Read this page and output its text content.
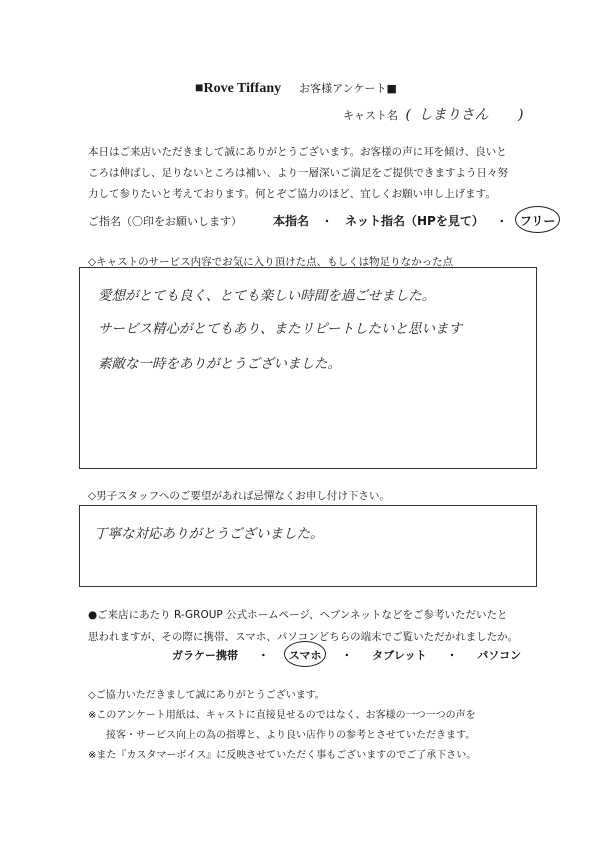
■Rove Tiffany お客様アンケート■
キャスト名 ( しまりさん )
本日はご来店いただきまして誠にありがとうございます。お客様の声に耳を傾け、良いと
ころは伸ばし、足りないところは補い、より一層深いご満足をご提供できますよう日々努
力して参りたいと考えております。何とぞご協力のほど、宜しくお願い申し上げます。
ご指名（〇印をお願いします）	本指名 ・ ネット指名（HPを見て） ・ フリー
◇キャストのサービス内容でお気に入り頂けた点、もしくは物足りなかった点
愛想がとても良く、とても楽しい時間を過ごせました。
サービス精心がとてもあり、またリピートしたいと思います
素敵な一時をありがとうございました。
◇男子スタッフへのご要望があれば忌憚なくお申し付け下さい。
丁寧な対応ありがとうございました。
●ご来店にあたり R-GROUP 公式ホームページ、ヘブンネットなどをご参考いただいたと
思われますが、その際に携帯、スマホ、パソコンどちらの端末でご覧いただかれましたか。
ガラケー携帯 ・ スマホ ・ タブレット ・ パソコン
◇ご協力いただきまして誠にありがとうございます。
※このアンケート用紙は、キャストに直接見せるのではなく、お客様の一つ一つの声を
接客・サービス向上の為の指導と、より良い店作りの参考とさせていただきます。
※また『カスタマーボイス』に反映させていただく事もございますのでご了承下さい。
